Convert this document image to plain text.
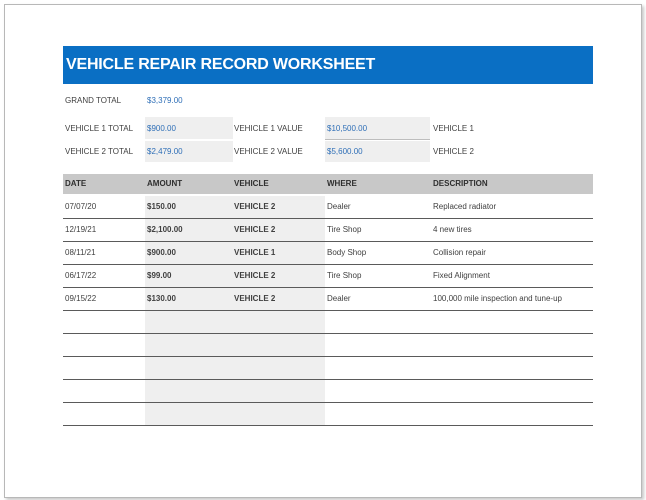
VEHICLE REPAIR RECORD WORKSHEET
GRAND TOTAL	$3,379.00
VEHICLE 1 TOTAL $900.00	VEHICLE 1 VALUE	$10,500.00	VEHICLE 1
VEHICLE 2 TOTAL $2,479.00	VEHICLE 2 VALUE	$5,600.00	VEHICLE 2
DATE	AMOUNT	VEHICLE	WHERE	DESCRIPTION
07/07/20	$150.00	VEHICLE 2	Dealer	Replaced radiator
12/19/21	$2,100.00	VEHICLE 2	Tire Shop	4 new tires
08/11/21	$900.00	VEHICLE 1	Body Shop	Collision repair
06/17/22	$99.00	VEHICLE 2	Tire Shop	Fixed Alignment
09/15/22	$130.00	VEHICLE 2	Dealer	100,000 mile inspection and tune-up
